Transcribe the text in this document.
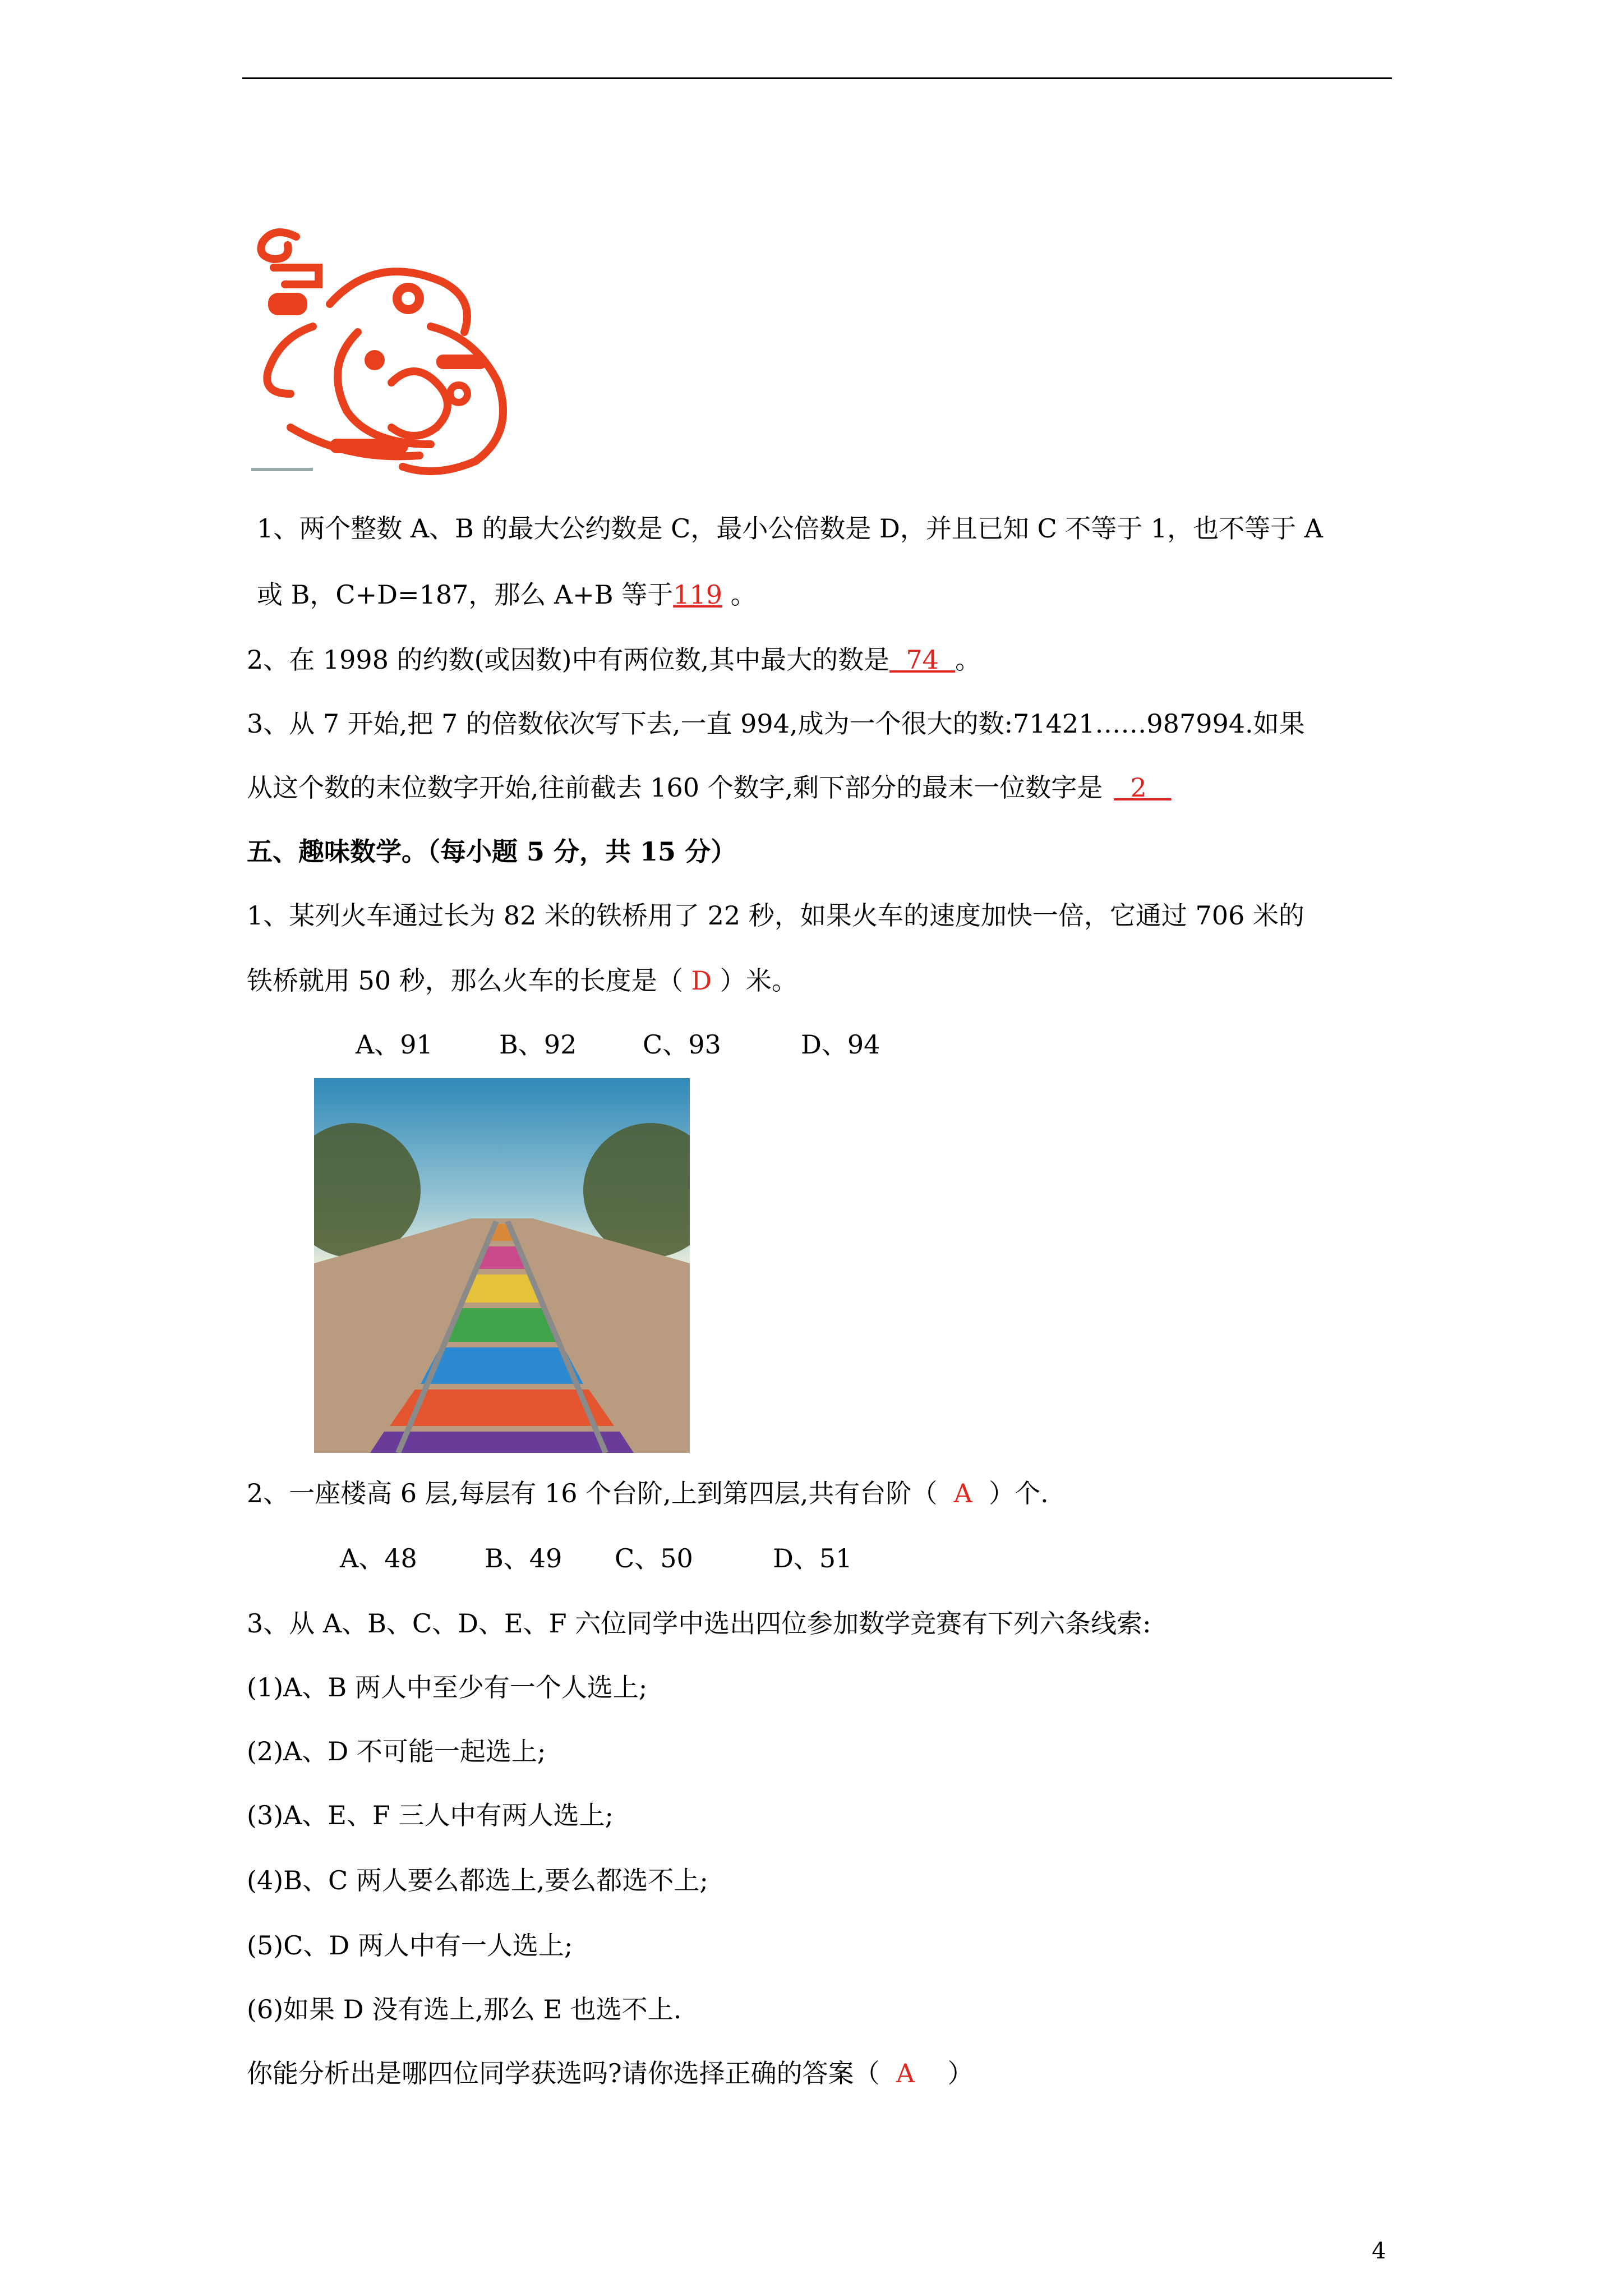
1、两个整数 A、B 的最大公约数是 C，最小公倍数是 D，并且已知 C 不等于 1，也不等于 A
或 B，C+D=187，那么 A+B 等于119 。
2、在 1998 的约数(或因数)中有两位数,其中最大的数是  74  。
3、从 7 开始,把 7 的倍数依次写下去,一直 994,成为一个很大的数:71421……987994.如果
从这个数的末位数字开始,往前截去 160 个数字,剩下部分的最末一位数字是  2
五、趣味数学。（每小题 5 分，共 15 分）
1、某列火车通过长为 82 米的铁桥用了 22 秒，如果火车的速度加快一倍，它通过 706 米的
铁桥就用 50 秒，那么火车的长度是（ D ）米。
A、91	B、92	C、93	D、94
2、一座楼高 6 层,每层有 16 个台阶,上到第四层,共有台阶（  A  ）个.
A、48	B、49 C、50	D、51
3、从 A、B、C、D、E、F 六位同学中选出四位参加数学竞赛有下列六条线索:
(1)A、B 两人中至少有一个人选上;
(2)A、D 不可能一起选上;
(3)A、E、F 三人中有两人选上;
(4)B、C 两人要么都选上,要么都选不上;
(5)C、D 两人中有一人选上;
(6)如果 D 没有选上,那么 E 也选不上.
你能分析出是哪四位同学获选吗?请你选择正确的答案（  A    ）
4
